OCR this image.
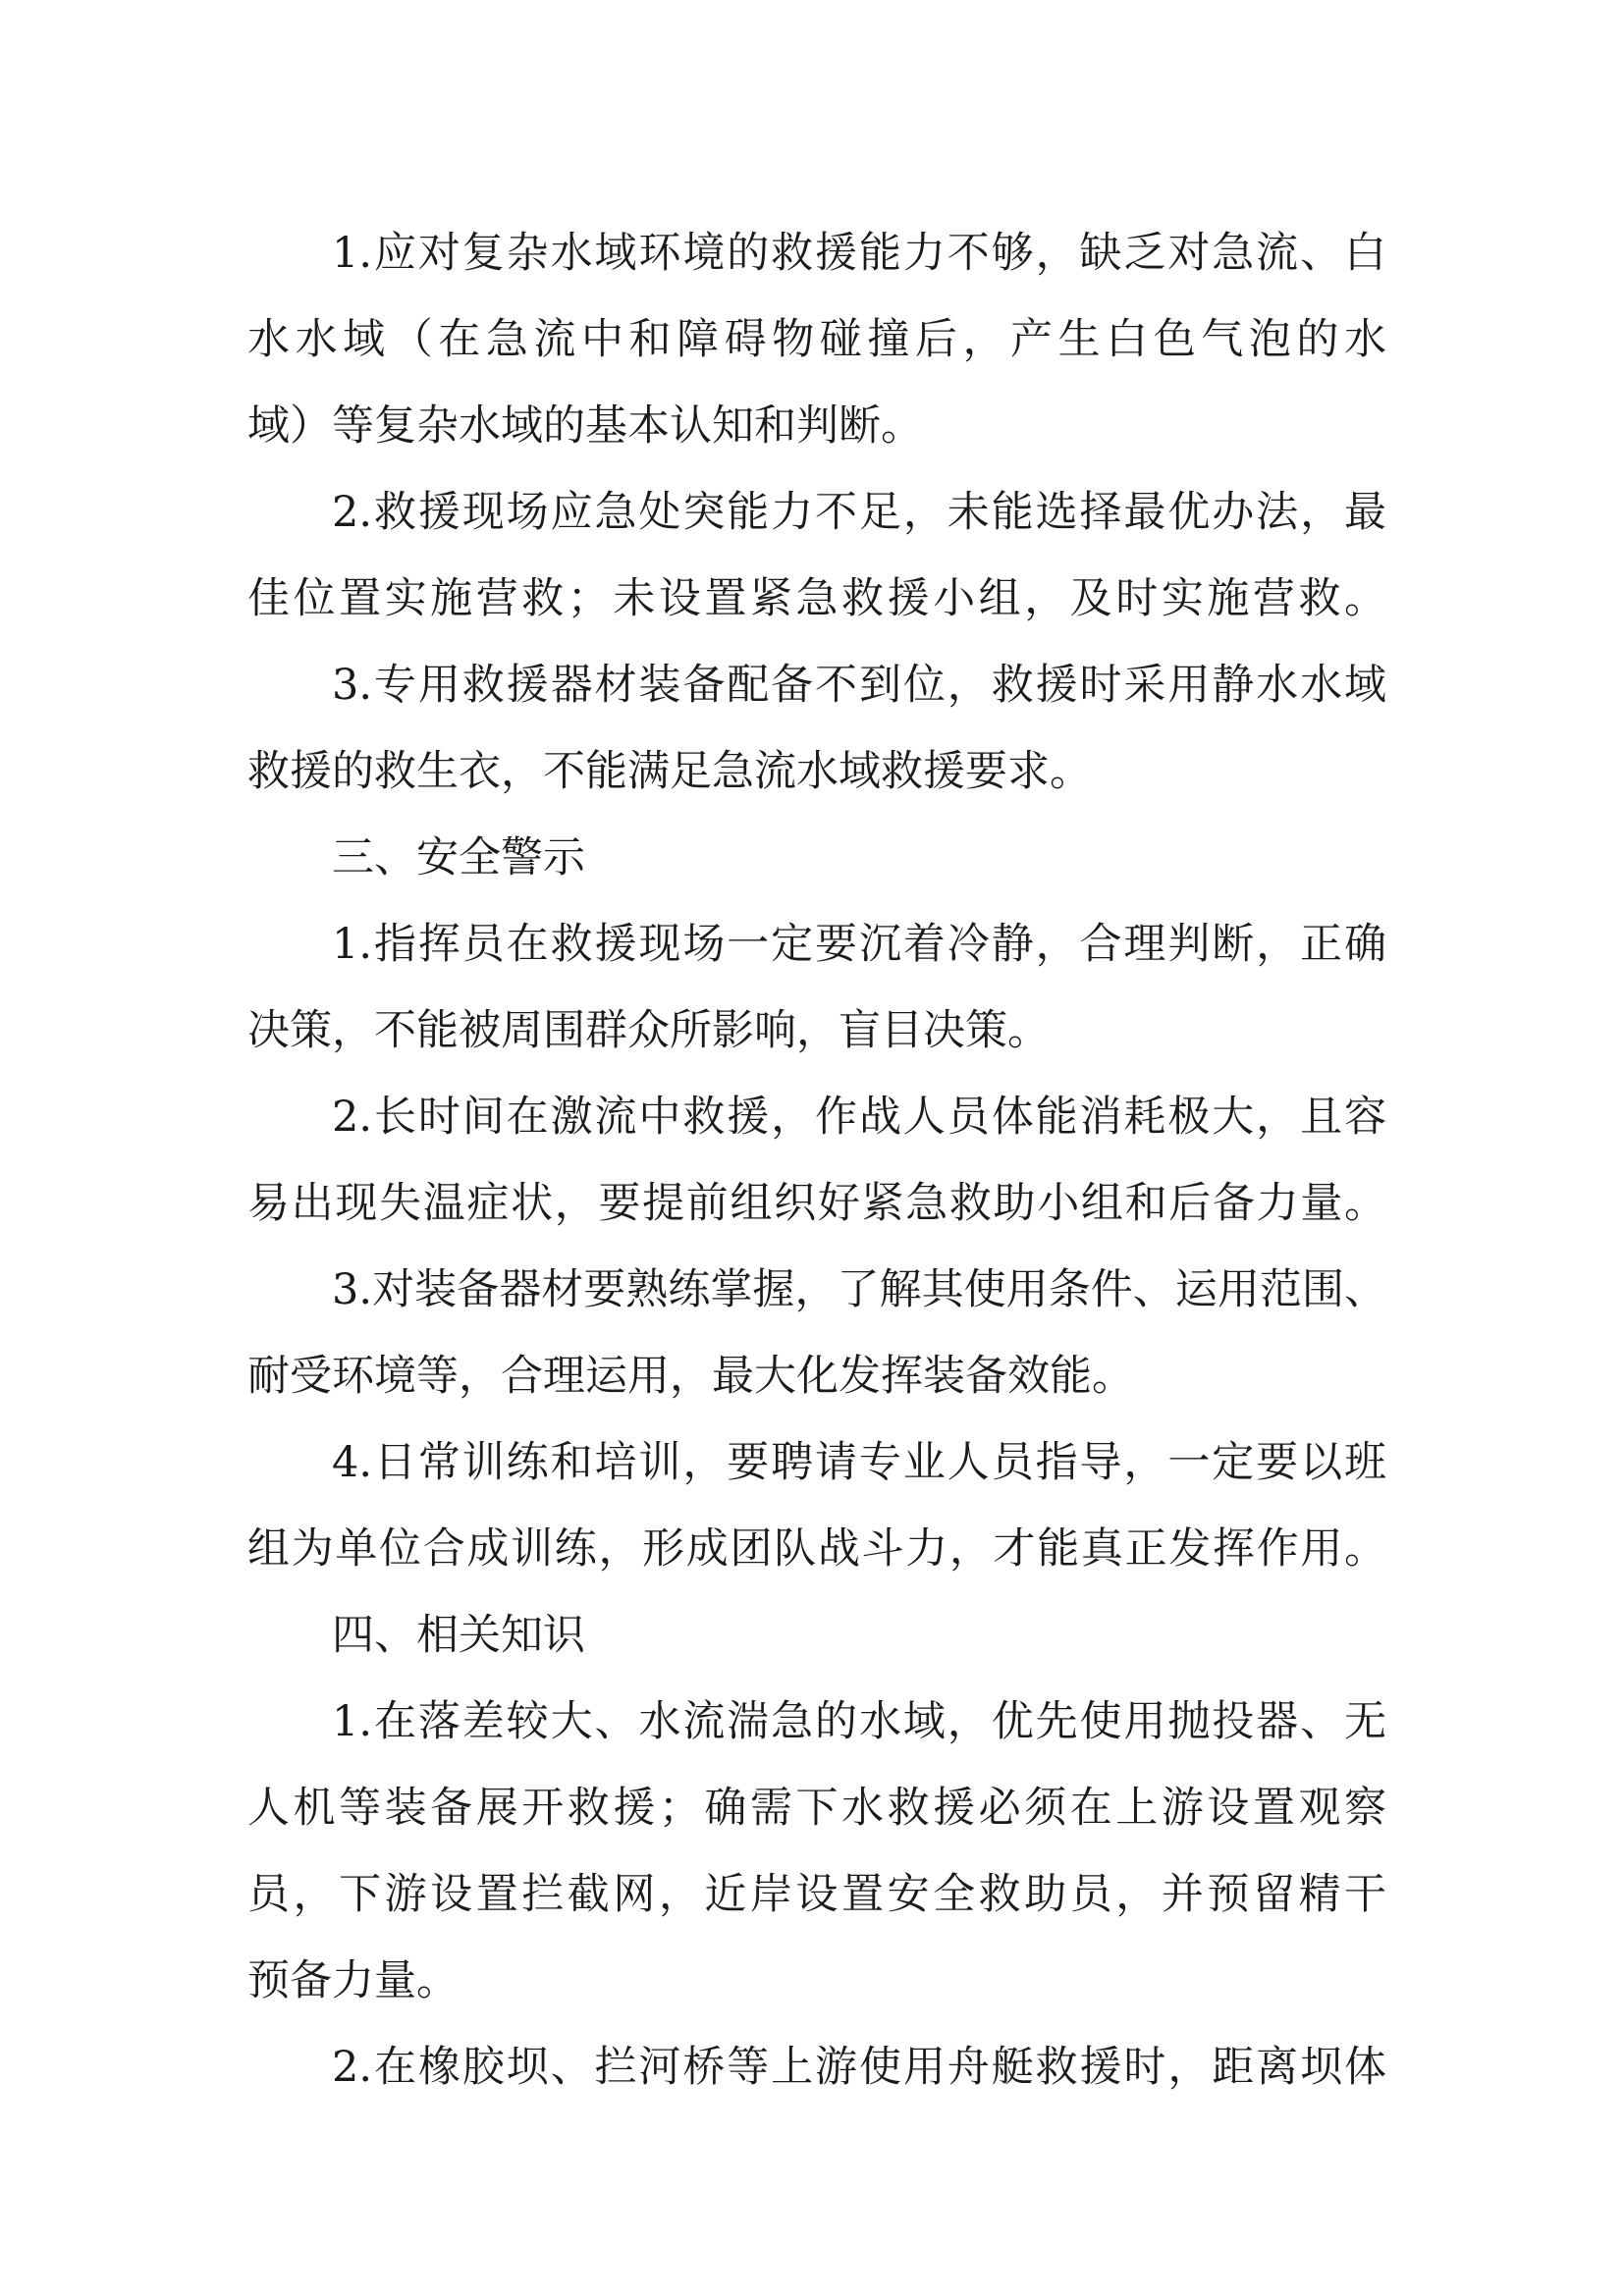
1.应对复杂水域环境的救援能力不够，缺乏对急流、白
水水域（在急流中和障碍物碰撞后，产生白色气泡的水
域）等复杂水域的基本认知和判断。
2.救援现场应急处突能力不足，未能选择最优办法，最
佳位置实施营救；未设置紧急救援小组，及时实施营救。
3.专用救援器材装备配备不到位，救援时采用静水水域
救援的救生衣，不能满足急流水域救援要求。
三、安全警示
1.指挥员在救援现场一定要沉着冷静，合理判断，正确
决策，不能被周围群众所影响，盲目决策。
2.长时间在激流中救援，作战人员体能消耗极大，且容
易出现失温症状，要提前组织好紧急救助小组和后备力量。
3.对装备器材要熟练掌握，了解其使用条件、运用范围、
耐受环境等，合理运用，最大化发挥装备效能。
4.日常训练和培训，要聘请专业人员指导，一定要以班
组为单位合成训练，形成团队战斗力，才能真正发挥作用。
四、相关知识
1.在落差较大、水流湍急的水域，优先使用抛投器、无
人机等装备展开救援；确需下水救援必须在上游设置观察
员，下游设置拦截网，近岸设置安全救助员，并预留精干
预备力量。
2.在橡胶坝、拦河桥等上游使用舟艇救援时，距离坝体
